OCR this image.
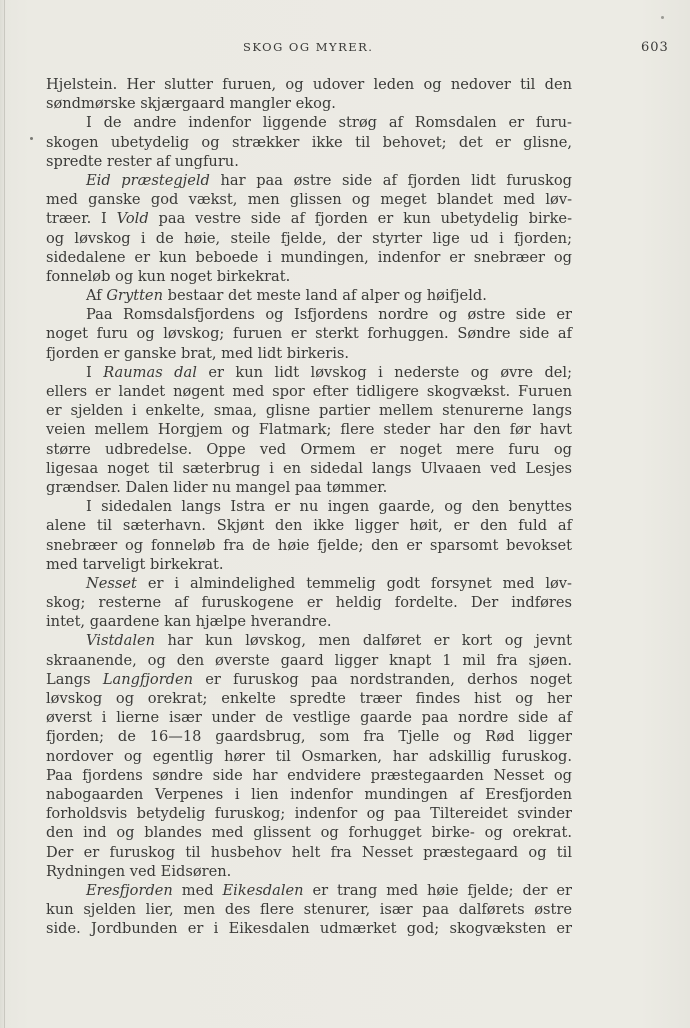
SKOG OG MYRER.	603
Hjelstein. Her slutter furuen, og udover leden og nedover til den
søndmørske skjærgaard mangler ekog.
I de andre indenfor liggende strøg af Romsdalen er furu-
skogen ubetydelig og strækker ikke til behovet; det er glisne,
spredte rester af ungfuru.
Eid præstegjeld har paa østre side af fjorden lidt furuskog
med ganske god vækst, men glissen og meget blandet med løv-
træer. I Vold paa vestre side af fjorden er kun ubetydelig birke-
og løvskog i de høie, steile fjelde, der styrter lige ud i fjorden;
sidedalene er kun beboede i mundingen, indenfor er snebræer og
fonneløb og kun noget birkekrat.
Af Grytten bestaar det meste land af alper og høifjeld.
Paa Romsdalsfjordens og Isfjordens nordre og østre side er
noget furu og løvskog; furuen er sterkt forhuggen. Søndre side af
fjorden er ganske brat, med lidt birkeris.
I Raumas dal er kun lidt løvskog i nederste og øvre del;
ellers er landet nøgent med spor efter tidligere skogvækst. Furuen
er sjelden i enkelte, smaa, glisne partier mellem stenurerne langs
veien mellem Horgjem og Flatmark; flere steder har den før havt
større udbredelse. Oppe ved Ormem er noget mere furu og
ligesaa noget til sæterbrug i en sidedal langs Ulvaaen ved Lesjes
grændser. Dalen lider nu mangel paa tømmer.
I sidedalen langs Istra er nu ingen gaarde, og den benyttes
alene til sæterhavn. Skjønt den ikke ligger høit, er den fuld af
snebræer og fonneløb fra de høie fjelde; den er sparsomt bevokset
med tarveligt birkekrat.
Nesset er i almindelighed temmelig godt forsynet med løv-
skog; resterne af furuskogene er heldig fordelte. Der indføres
intet, gaardene kan hjælpe hverandre.
Vistdalen har kun løvskog, men dalføret er kort og jevnt
skraanende, og den øverste gaard ligger knapt 1 mil fra sjøen.
Langs Langfjorden er furuskog paa nordstranden, derhos noget
løvskog og orekrat; enkelte spredte træer findes hist og her
øverst i lierne især under de vestlige gaarde paa nordre side af
fjorden; de 16—18 gaardsbrug, som fra Tjelle og Rød ligger
nordover og egentlig hører til Osmarken, har adskillig furuskog.
Paa fjordens søndre side har endvidere præstegaarden Nesset og
nabogaarden Verpenes i lien indenfor mundingen af Eresfjorden
forholdsvis betydelig furuskog; indenfor og paa Tiltereidet svinder
den ind og blandes med glissent og forhugget birke- og orekrat.
Der er furuskog til husbehov helt fra Nesset præstegaard og til
Rydningen ved Eidsøren.
Eresfjorden med Eikesdalen er trang med høie fjelde; der er
kun sjelden lier, men des flere stenurer, især paa dalførets østre
side. Jordbunden er i Eikesdalen udmærket god; skogvæksten er
